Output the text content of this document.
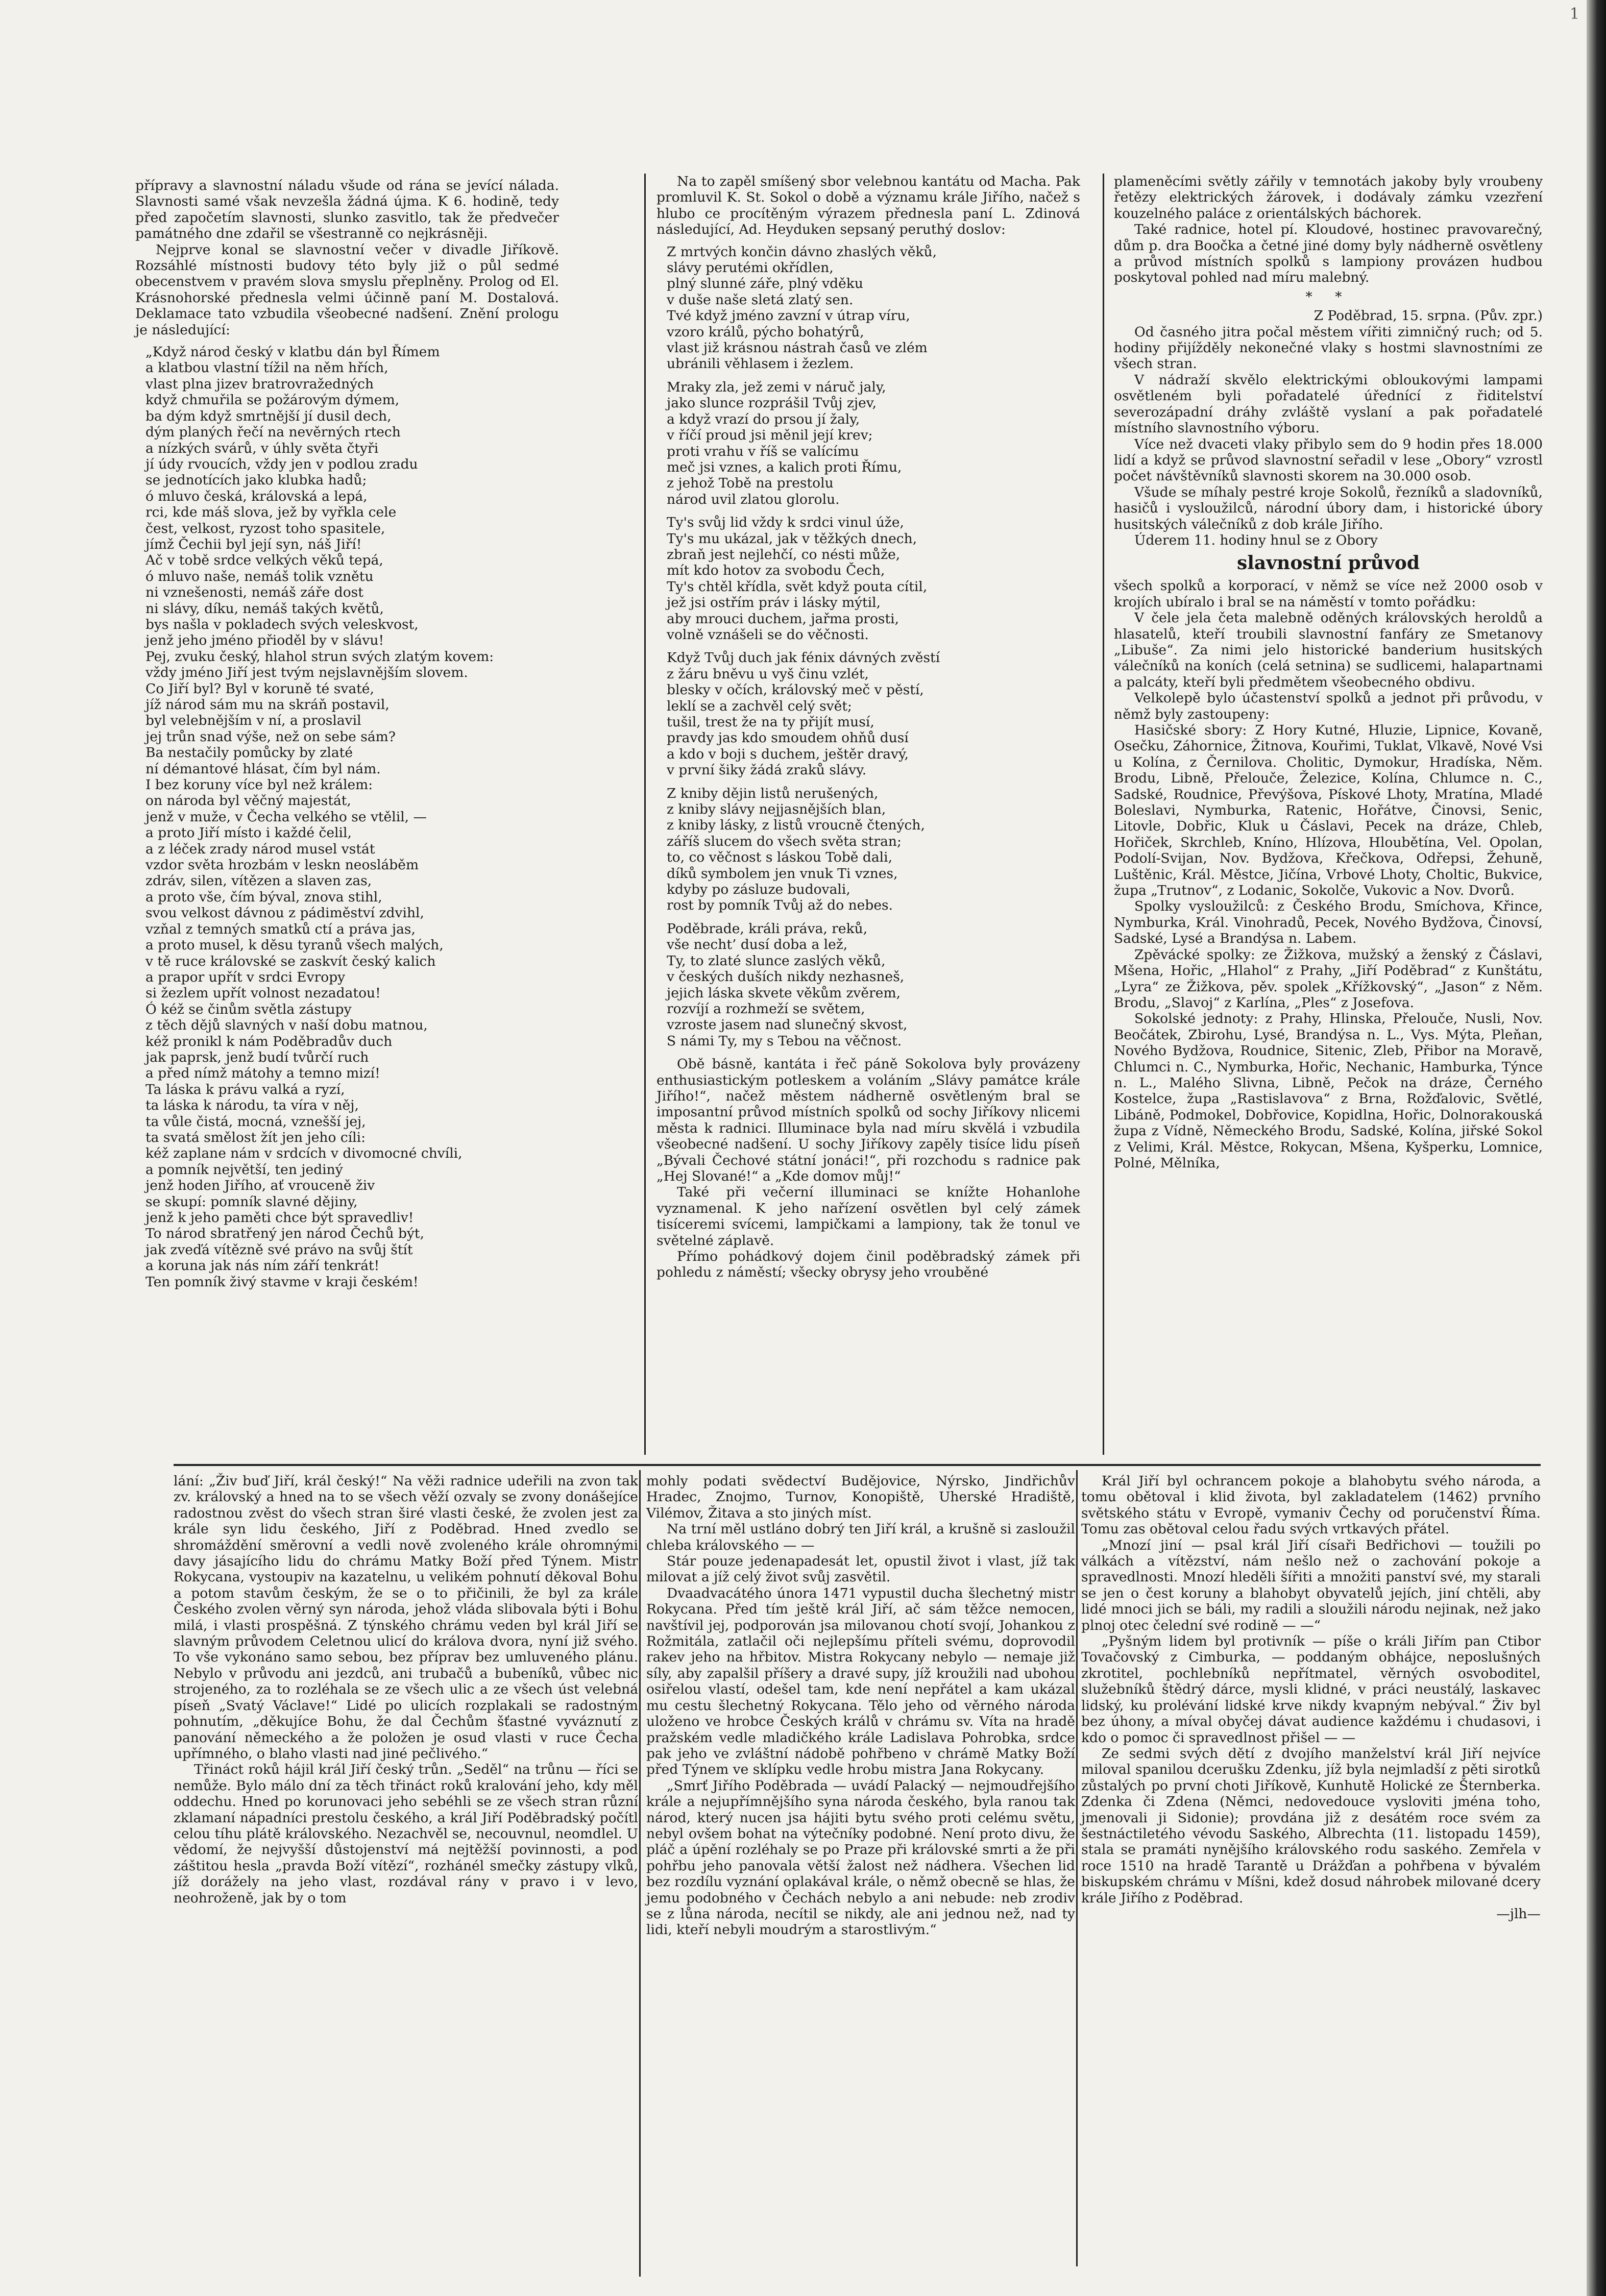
1

přípravy a slavnostní náladu všude od rána se jevící nálada. Slavnosti samé však nevzešla žádná újma. K 6. hodině, tedy před započetím slavnosti, slunko zasvitlo, tak že předvečer památného dne zdařil se všestranně co nejkrásněji.

Nejprve konal se slavnostní večer v divadle Jiříkově. Rozsáhlé místnosti budovy této byly již o půl sedmé obecenstvem v pravém slova smyslu přeplněny. Prolog od El. Krásnohorské přednesla velmi účinně paní M. Dostalová. Deklamace tato vzbudila všeobecné nadšení. Znění prologu je následující:

„Když národ český v klatbu dán byl Římem
a klatbou vlastní tížil na něm hřích,
vlast plna jizev bratrovražedných
když chmuřila se požárovým dýmem,
ba dým když smrtnější jí dusil dech,
dým planých řečí na nevěrných rtech
a nízkých svárů, v úhly světa čtyři
jí údy rvoucích, vždy jen v podlou zradu
se jednotících jako klubka hadů;
ó mluvo česká, královská a lepá,
rci, kde máš slova, jež by vyřkla cele
čest, velkost, ryzost toho spasitele,
jímž Čechii byl její syn, náš Jiří!
Ač v tobě srdce velkých věků tepá,
ó mluvo naše, nemáš tolik vznětu
ni vznešenosti, nemáš záře dost
ni slávy, díku, nemáš takých květů,
bys našla v pokladech svých veleskvost,
jenž jeho jméno přioděl by v slávu!
Pej, zvuku český, hlahol strun svých zlatým kovem:
vždy jméno Jiří jest tvým nejslavnějším slovem.
Co Jiří byl? Byl v koruně té svaté,
jíž národ sám mu na skráň postavil,
byl velebnějším v ní, a proslavil
jej trůn snad výše, než on sebe sám?
Ba nestačily pomůcky by zlaté
ní démantové hlásat, čím byl nám.
I bez koruny více byl než králem:
on národa byl věčný majestát,
jenž v muže, v Čecha velkého se vtělil, —
a proto Jiří místo i každé čelil,
a z léček zrady národ musel vstát
vzdor světa hrozbám v leskn neosláběm
zdráv, silen, vítězen a slaven zas,
a proto vše, čím býval, znova stihl,
svou velkost dávnou z pádiměství zdvihl,
vzňal z temných smatků ctí a práva jas,
a proto musel, k děsu tyranů všech malých,
v tě ruce královské se zaskvít český kalich
a prapor upřít v srdci Evropy
si žezlem upřít volnost nezadatou!
Ó kéž se činům světla zástupy
z těch dějů slavných v naší dobu matnou,
kéž pronikl k nám Poděbradův duch
jak paprsk, jenž budí tvůrčí ruch
a před nímž mátohy a temno mizí!
Ta láska k právu valká a ryzí,
ta láska k národu, ta víra v něj,
ta vůle čistá, mocná, vznešší jej,
ta svatá smělost žít jen jeho cíli:
kéž zaplane nám v srdcích v divomocné chvíli,
a pomník největší, ten jediný
jenž hoden Jiřího, ať vrouceně živ
se skupí: pomník slavné dějiny,
jenž k jeho paměti chce být spravedliv!
To národ sbratřený jen národ Čechů být,
jak zveďá vítězně své právo na svůj štít
a koruna jak nás ním září tenkrát!
Ten pomník živý stavme v kraji českém!

Na to zapěl smíšený sbor velebnou kantátu od Macha. Pak promluvil K. St. Sokol o době a významu krále Jiřího, načež s hlubo ce procítěným výrazem přednesla paní L. Zdinová následující, Ad. Heyduken sepsaný peruthý doslov:

Z mrtvých končin dávno zhaslých věků,
slávy perutémi okřídlen,
plný slunné záře, plný vděku
v duše naše sletá zlatý sen.
Tvé když jméno zavzní v útrap víru,
vzoro králů, pýcho bohatýrů,
vlast již krásnou nástrah časů ve zlém
ubránili věhlasem i žezlem.
Mraky zla, jež zemi v náruč jaly,
jako slunce rozprášil Tvůj zjev,
a když vrazí do prsou jí žaly,
v říčí proud jsi měnil její krev;
proti vrahu v říš se valícímu
meč jsi vznes, a kalich proti Římu,
z jehož Tobě na prestolu
národ uvil zlatou glorolu.
Ty's svůj lid vždy k srdci vinul úže,
Ty's mu ukázal, jak v těžkých dnech,
zbraň jest nejlehčí, co nésti může,
mít kdo hotov za svobodu Čech,
Ty's chtěl křídla, svět když pouta cítil,
jež jsi ostřím práv i lásky mýtil,
aby mrouci duchem, jařma prosti,
volně vznášeli se do věčnosti.
Když Tvůj duch jak fénix dávných zvěstí
z žáru bněvu u vyš činu vzlét,
blesky v očích, královský meč v pěstí,
leklí se a zachvěl celý svět;
tušil, trest že na ty přijít musí,
pravdy jas kdo smoudem ohňů dusí
a kdo v boji s duchem, ještěr dravý,
v první šiky žádá zraků slávy.
Z kniby dějin listů nerušených,
z kniby slávy nejjasnějších blan,
z kniby lásky, z listů vroucně čtených,
záříš slucem do všech světa stran;
to, co věčnost s láskou Tobě dali,
díků symbolem jen vnuk Ti vznes,
kdyby po zásluze budovali,
rost by pomník Tvůj až do nebes.
Poděbrade, králi práva, reků,
vše necht’ dusí doba a lež,
Ty, to zlaté slunce zaslých věků,
v českých duších nikdy nezhasneš,
jejich láska skvete věkům zvěrem,
rozvíjí a rozhmeží se světem,
vzroste jasem nad slunečný skvost,
S námi Ty, my s Tebou na věčnost.

Obě básně, kantáta i řeč páně Sokolova byly provázeny enthusiastickým potleskem a voláním „Slávy památce krále Jiřího!“, načež městem nádherně osvětleným bral se imposantní průvod místních spolků od sochy Jiříkovy nlicemi města k radnici. Illuminace byla nad míru skvělá i vzbudila všeobecné nadšení. U sochy Jiříkovy zapěly tisíce lidu píseň „Bývali Čechové státní jonáci!“, při rozchodu s radnice pak „Hej Slované!“ a „Kde domov můj!“

Také při večerní illuminaci se knížte Hohanlohe vyznamenal. K jeho nařízení osvětlen byl celý zámek tisíceremi svícemi, lampičkami a lampiony, tak že tonul ve světelné záplavě.

Přímo pohádkový dojem činil poděbradský zámek při pohledu z náměstí; všecky obrysy jeho vrouběné

plameněcími světly zářily v temnotách jakoby byly vroubeny řetězy elektrických žárovek, i dodávaly zámku vzezření kouzelného paláce z orientálských báchorek.

Také radnice, hotel pí. Kloudové, hostinec pravovarečný, dům p. dra Boočka a četné jiné domy byly nádherně osvětleny a průvod místních spolků s lampiony provázen hudbou poskytoval pohled nad míru malebný.

* *

Z Poděbrad, 15. srpna. (Pův. zpr.)

Od časného jitra počal městem vířiti zimničný ruch; od 5. hodiny přijížděly nekonečné vlaky s hostmi slavnostními ze všech stran.

V nádraží skvělo elektrickými obloukovými lampami osvětleném byli pořadatelé úřednící z řiditelství severozápadní dráhy zvláště vyslaní a pak pořadatelé místního slavnostního výboru.

Více než dvaceti vlaky přibylo sem do 9 hodin přes 18.000 lidí a když se průvod slavnostní seřadil v lese „Obory“ vzrostl počet návštěvníků slavnosti skorem na 30.000 osob.

Všude se míhaly pestré kroje Sokolů, řezníků a sladovníků, hasičů i vysloužilců, národní úbory dam, i historické úbory husitských válečníků z dob krále Jiřího.

Úderem 11. hodiny hnul se z Obory

slavnostní průvod

všech spolků a korporací, v němž se více než 2000 osob v krojích ubíralo i bral se na náměstí v tomto pořádku:

V čele jela četa malebně oděných královských heroldů a hlasatelů, kteří troubili slavnostní fanfáry ze Smetanovy „Libuše“. Za nimi jelo historické banderium husitských válečníků na koních (celá setnina) se sudlicemi, halapartnami a palcáty, kteří byli předmětem všeobecného obdivu.

Velkolepě bylo účastenství spolků a jednot při průvodu, v němž byly zastoupeny:

Hasičské sbory: Z Hory Kutné, Hluzie, Lipnice, Kovaně, Osečku, Záhornice, Žitnova, Kouřimi, Tuklat, Vlkavě, Nové Vsi u Kolína, z Černilova. Cholitic, Dymokur, Hradíska, Něm. Brodu, Libně, Přelouče, Železice, Kolína, Chlumce n. C., Sadské, Roudnice, Převýšova, Pískové Lhoty, Mratína, Mladé Boleslavi, Nymburka, Ratenic, Hořátve, Činovsi, Senic, Litovle, Dobřic, Kluk u Čáslavi, Pecek na dráze, Chleb, Hořiček, Skrchleb, Kníno, Hlízova, Hloubětína, Vel. Opolan, Podolí-Svijan, Nov. Bydžova, Křečkova, Odřepsi, Žehuně, Luštěnic, Král. Městce, Jičína, Vrbové Lhoty, Choltic, Bukvice, župa „Trutnov“, z Lodanic, Sokolče, Vukovic a Nov. Dvorů.

Spolky vysloužilců: z Českého Brodu, Smíchova, Křince, Nymburka, Král. Vinohradů, Pecek, Nového Bydžova, Činovsí, Sadské, Lysé a Brandýsa n. Labem.

Zpěvácké spolky: ze Žižkova, mužský a ženský z Čáslavi, Mšena, Hořic, „Hlahol“ z Prahy, „Jiří Poděbrad“ z Kunštátu, „Lyra“ ze Žižkova, pěv. spolek „Křížkovský“, „Jason“ z Něm. Brodu, „Slavoj“ z Karlína, „Ples“ z Josefova.

Sokolské jednoty: z Prahy, Hlinska, Přelouče, Nusli, Nov. Beočátek, Zbirohu, Lysé, Brandýsa n. L., Vys. Mýta, Pleňan, Nového Bydžova, Roudnice, Sitenic, Zleb, Přibor na Moravě, Chlumci n. C., Nymburka, Hořic, Nechanic, Hamburka, Týnce n. L., Malého Slivna, Libně, Pečok na dráze, Černého Kostelce, župa „Rastislavova“ z Brna, Rožďalovic, Světlé, Libáně, Podmokel, Dobřovice, Kopidlna, Hořic, Dolnorakouská župa z Vídně, Německého Brodu, Sadské, Kolína, jiřské Sokol z Velimi, Král. Městce, Rokycan, Mšena, Kyšperku, Lomnice, Polné, Mělníka,

lání: „Živ buď Jiří, král český!“ Na věži radnice udeřili na zvon tak zv. královský a hned na to se všech věží ozvaly se zvony donášejíce radostnou zvěst do všech stran širé vlasti české, že zvolen jest za krále syn lidu českého, Jiří z Poděbrad. Hned zvedlo se shromáždění směrovní a vedli nově zvoleného krále ohromnými davy jásajícího lidu do chrámu Matky Boží před Týnem. Mistr Rokycana, vystoupiv na kazatelnu, u velikém pohnutí děkoval Bohu a potom stavům českým, že se o to přičinili, že byl za krále Českého zvolen věrný syn národa, jehož vláda slibovala býti i Bohu milá, i vlasti prospěšná. Z týnského chrámu veden byl král Jiří se slavným průvodem Celetnou ulicí do králova dvora, nyní již svého. To vše vykonáno samo sebou, bez příprav bez umluveného plánu. Nebylo v průvodu ani jezdců, ani trubačů a bubeníků, vůbec nic strojeného, za to rozléhala se ze všech ulic a ze všech úst velebná píseň „Svatý Václave!“ Lidé po ulicích rozplakali se radostným pohnutím, „děkujíce Bohu, že dal Čechům šťastné vyváznutí z panování německého a že položen je osud vlasti v ruce Čecha upřímného, o blaho vlasti nad jiné pečlivého.“

Třináct roků hájil král Jiří český trůn. „Seděl“ na trůnu — říci se nemůže. Bylo málo dní za těch třináct roků kralování jeho, kdy měl oddechu. Hned po korunovaci jeho sebéhli se ze všech stran různí zklamaní nápadníci prestolu českého, a král Jiří Poděbradský počítl celou tíhu plátě královského. Nezachvěl se, necouvnul, neomdlel. U vědomí, že nejvyšší důstojenství má nejtěžší povinnosti, a pod záštitou hesla „pravda Boží vítězí“, rozhánél smečky zástupy vlků, jíž dorážely na jeho vlast, rozdával rány v pravo i v levo, neohroženě, jak by o tom

mohly podati svědectví Budějovice, Nýrsko, Jindřichův Hradec, Znojmo, Turnov, Konopiště, Uherské Hradiště, Vilémov, Žitava a sto jiných míst.

Na trní měl ustláno dobrý ten Jiří král, a krušně si zasloužil chleba královského — —

Stár pouze jedenapadesát let, opustil život i vlast, jíž tak milovat a jíž celý život svůj zasvětil.

Dvaadvacátého února 1471 vypustil ducha šlechetný mistr Rokycana. Před tím ještě král Jiří, ač sám těžce nemocen, navštívil jej, podporován jsa milovanou chotí svojí, Johankou z Rožmitála, zatlačil oči nejlepšímu příteli svému, doprovodil rakev jeho na hřbitov. Mistra Rokycany nebylo — nemaje již síly, aby zapalšil příšery a dravé supy, jíž kroužili nad ubohou osiřelou vlastí, odešel tam, kde není nepřátel a kam ukázal mu cestu šlechetný Rokycana. Tělo jeho od věrného národa uloženo ve hrobce Českých králů v chrámu sv. Víta na hradě pražském vedle mladičkého krále Ladislava Pohrobka, srdce pak jeho ve zvláštní nádobě pohřbeno v chrámě Matky Boží před Týnem ve sklípku vedle hrobu mistra Jana Rokycany.

„Smrť Jiřího Poděbrada — uvádí Palacký — nejmoudřejšího krále a nejupřímnějšího syna národa českého, byla ranou tak národ, který nucen jsa hájiti bytu svého proti celému světu, nebyl ovšem bohat na výtečníky podobné. Není proto divu, že pláč a úpění rozléhaly se po Praze při královské smrti a že při pohřbu jeho panovala větší žalost než nádhera. Všechen lid bez rozdílu vyznání oplakával krále, o němž obecně se hlas, že jemu podobného v Čechách nebylo a ani nebude: neb zrodiv se z lůna národa, necítil se nikdy, ale ani jednou než, nad ty lidi, kteří nebyli moudrým a starostlivým.“

Král Jiří byl ochrancem pokoje a blahobytu svého národa, a tomu obětoval i klid života, byl zakladatelem (1462) prvního světského státu v Evropě, vymaniv Čechy od poručenství Říma. Tomu zas obětoval celou řadu svých vrtkavých přátel.

„Mnozí jiní — psal král Jiří císaři Bedřichovi — toužili po válkách a vítězství, nám nešlo než o zachování pokoje a spravedlnosti. Mnozí hleděli šířiti a množiti panství své, my starali se jen o čest koruny a blahobyt obyvatelů jejích, jiní chtěli, aby lidé mnoci jich se báli, my radili a sloužili národu nejinak, než jako plnoj otec čelední své rodině — —“

„Pyšným lidem byl protivník — píše o králi Jiřím pan Ctibor Tovačovský z Cimburka, — poddaným obhájce, neposlušných zkrotitel, pochlebníků nepřítmatel, věrných osvoboditel, služebníků štědrý dárce, mysli klidné, v práci neustálý, laskavec lidský, ku prolévání lidské krve nikdy kvapným nebýval.“ Živ byl bez úhony, a míval obyčej dávat audience každému i chudasovi, i kdo o pomoc či spravedlnost přišel — —

Ze sedmi svých dětí z dvojího manželství král Jiří nejvíce miloval spanilou dcerušku Zdenku, jíž byla nejmladší z pěti sirotků zůstalých po první choti Jiříkově, Kunhutě Holické ze Šternberka. Zdenka či Zdena (Němci, nedovedouce vysloviti jména toho, jmenovali ji Sidonie); provdána již z desátém roce svém za šestnáctiletého vévodu Saského, Albrechta (11. listopadu 1459), stala se pramáti nynějšího královského rodu saského. Zemřela v roce 1510 na hradě Tarantě u Drážďan a pohřbena v bývalém biskupském chrámu v Míšni, kdež dosud náhrobek milované dcery krále Jiřího z Poděbrad.

—jlh—
